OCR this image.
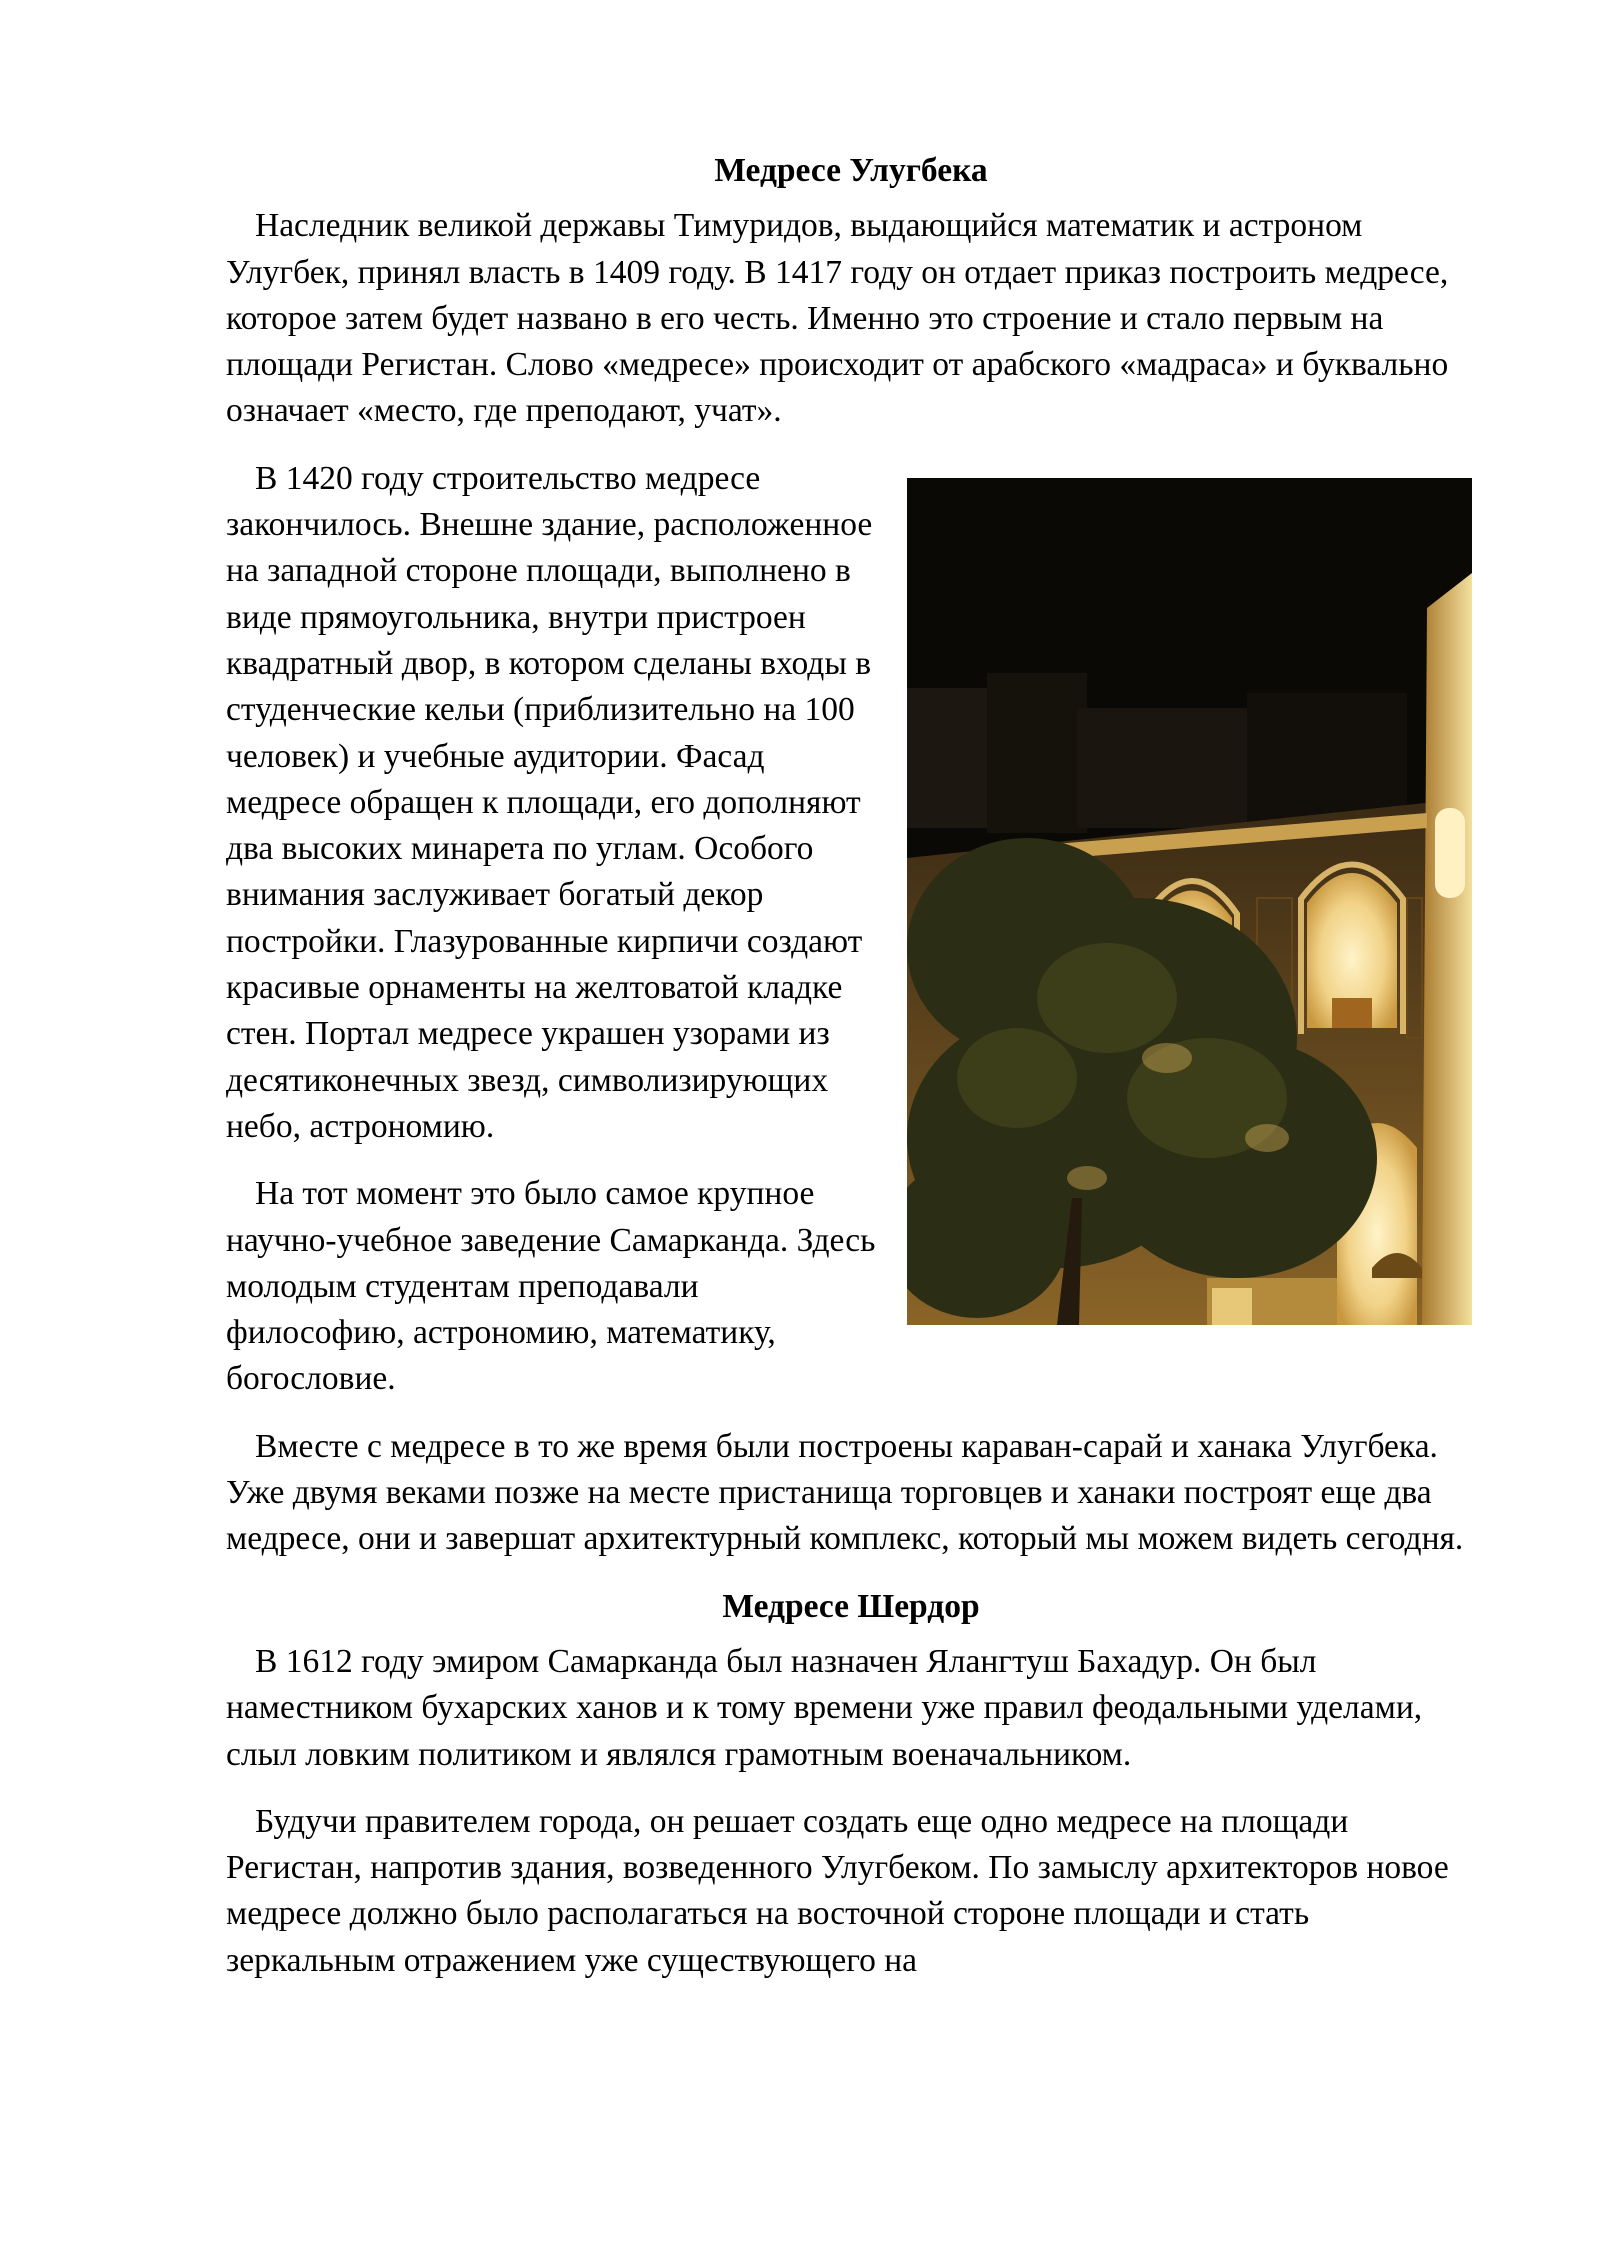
Медресе Улугбека

Наследник великой державы Тимуридов, выдающийся математик и астроном Улугбек, принял власть в 1409 году. В 1417 году он отдает приказ построить медресе, которое затем будет названо в его честь. Именно это строение и стало первым на площади Регистан. Слово «медресе» происходит от арабского «мадраса» и буквально означает «место, где преподают, учат».

В 1420 году строительство медресе закончилось. Внешне здание, расположенное на западной стороне площади, выполнено в виде прямоугольника, внутри пристроен квадратный двор, в котором сделаны входы в студенческие кельи (приблизительно на 100 человек) и учебные аудитории. Фасад медресе обращен к площади, его дополняют два высоких минарета по углам. Особого внимания заслуживает богатый декор постройки. Глазурованные кирпичи создают красивые орнаменты на желтоватой кладке стен. Портал медресе украшен узорами из десятиконечных звезд, символизирующих небо, астрономию.

На тот момент это было самое крупное научно-учебное заведение Самарканда. Здесь молодым студентам преподавали философию, астрономию, математику, богословие.

Вместе с медресе в то же время были построены караван-сарай и ханака Улугбека. Уже двумя веками позже на месте пристанища торговцев и ханаки построят еще два медресе, они и завершат архитектурный комплекс, который мы можем видеть сегодня.

Медресе Шердор

В 1612 году эмиром Самарканда был назначен Ялангтуш Бахадур. Он был наместником бухарских ханов и к тому времени уже правил феодальными уделами, слыл ловким политиком и являлся грамотным военачальником.

Будучи правителем города, он решает создать еще одно медресе на площади Регистан, напротив здания, возведенного Улугбеком. По замыслу архитекторов новое медресе должно было располагаться на восточной стороне площади и стать зеркальным отражением уже существующего на
